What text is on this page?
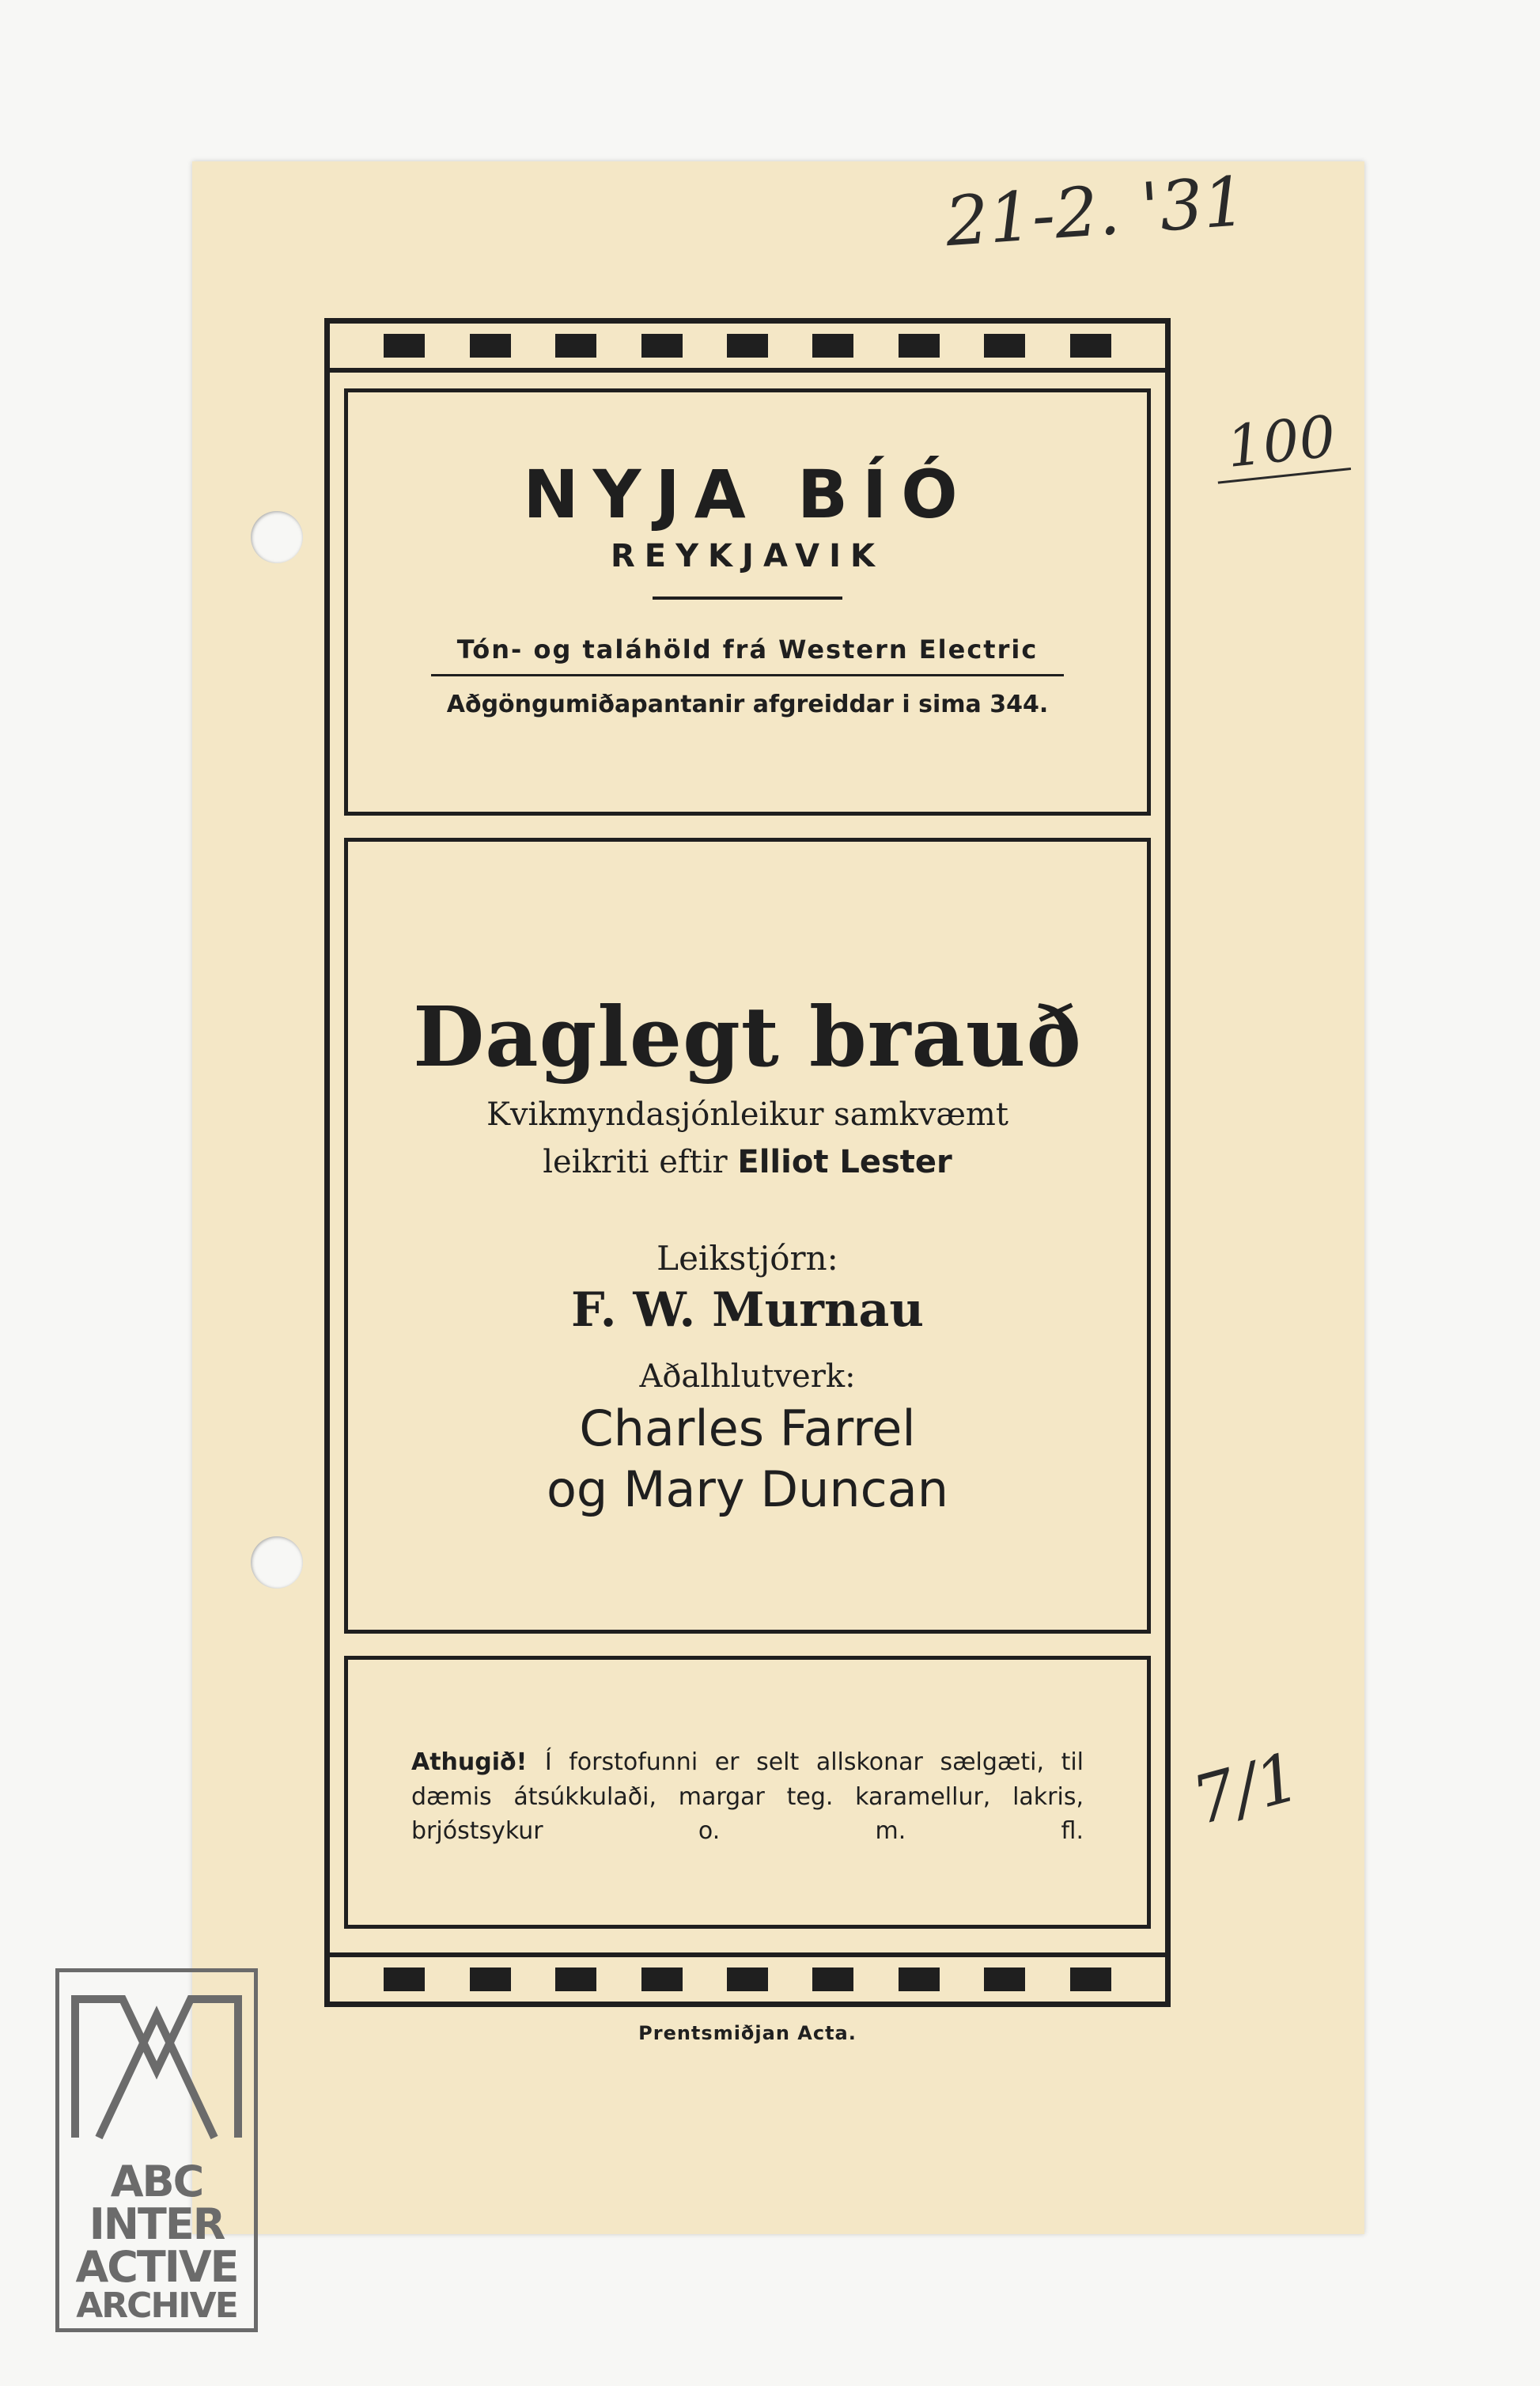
21-2. '31
100
7/1
NYJA BÍÓ
REYKJAVIK
Tón- og taláhöld frá Western Electric
Aðgöngumiðapantanir afgreiddar i sima 344.
Daglegt brauð
Kvikmyndasjónleikur samkvæmt
leikriti eftir Elliot Lester
Leikstjórn:
F. W. Murnau
Aðalhlutverk:
Charles Farrel
og Mary Duncan
Athugið! Í forstofunni er selt allskonar sælgæti, til dæmis átsúkkulaði, margar teg. karamellur, lakris, brjóstsykur o. m. fl.
Prentsmiðjan Acta.
ABC
INTER
ACTIVE
ARCHIVE
